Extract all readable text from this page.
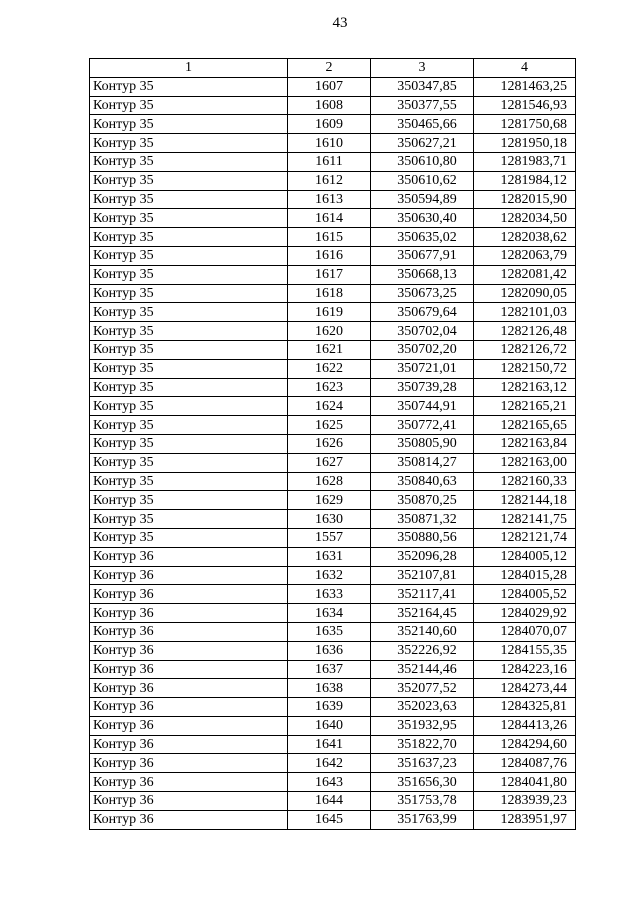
43
1	2	3	4
Контур 35	1607	350347,85	1281463,25
Контур 35	1608	350377,55	1281546,93
Контур 35	1609	350465,66	1281750,68
Контур 35	1610	350627,21	1281950,18
Контур 35	1611	350610,80	1281983,71
Контур 35	1612	350610,62	1281984,12
Контур 35	1613	350594,89	1282015,90
Контур 35	1614	350630,40	1282034,50
Контур 35	1615	350635,02	1282038,62
Контур 35	1616	350677,91	1282063,79
Контур 35	1617	350668,13	1282081,42
Контур 35	1618	350673,25	1282090,05
Контур 35	1619	350679,64	1282101,03
Контур 35	1620	350702,04	1282126,48
Контур 35	1621	350702,20	1282126,72
Контур 35	1622	350721,01	1282150,72
Контур 35	1623	350739,28	1282163,12
Контур 35	1624	350744,91	1282165,21
Контур 35	1625	350772,41	1282165,65
Контур 35	1626	350805,90	1282163,84
Контур 35	1627	350814,27	1282163,00
Контур 35	1628	350840,63	1282160,33
Контур 35	1629	350870,25	1282144,18
Контур 35	1630	350871,32	1282141,75
Контур 35	1557	350880,56	1282121,74
Контур 36	1631	352096,28	1284005,12
Контур 36	1632	352107,81	1284015,28
Контур 36	1633	352117,41	1284005,52
Контур 36	1634	352164,45	1284029,92
Контур 36	1635	352140,60	1284070,07
Контур 36	1636	352226,92	1284155,35
Контур 36	1637	352144,46	1284223,16
Контур 36	1638	352077,52	1284273,44
Контур 36	1639	352023,63	1284325,81
Контур 36	1640	351932,95	1284413,26
Контур 36	1641	351822,70	1284294,60
Контур 36	1642	351637,23	1284087,76
Контур 36	1643	351656,30	1284041,80
Контур 36	1644	351753,78	1283939,23
Контур 36	1645	351763,99	1283951,97
